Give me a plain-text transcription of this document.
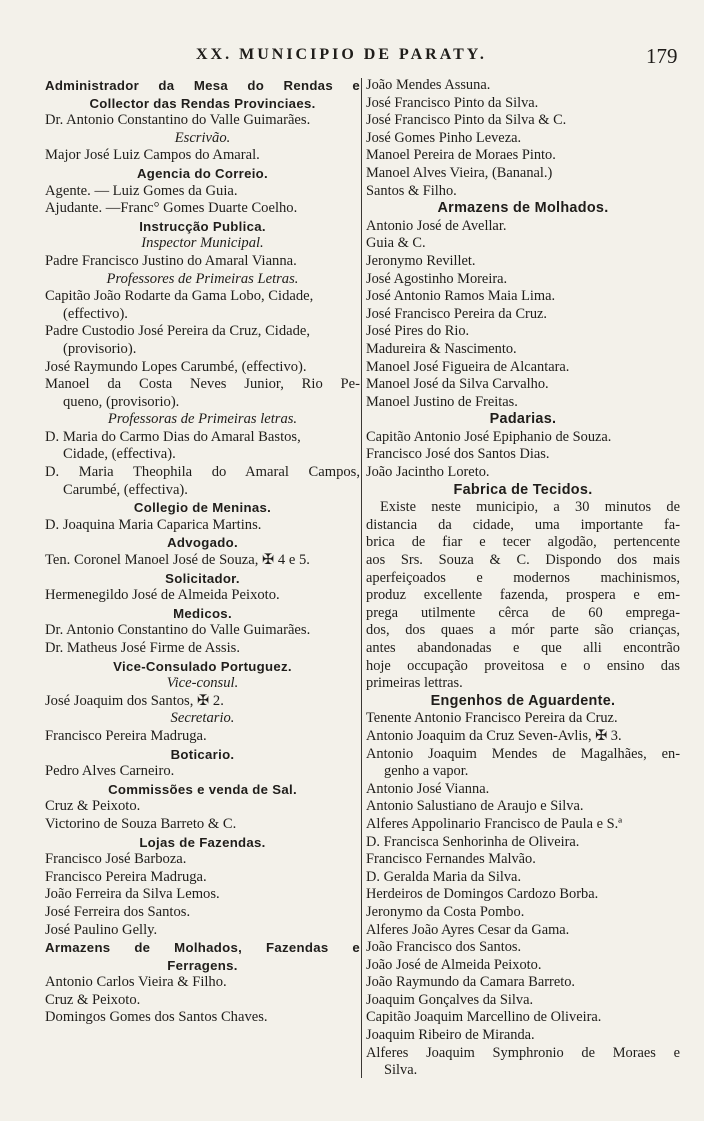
XX. MUNICIPIO DE PARATY.	179
Administrador da Mesa do Rendas e
Collector das Rendas Provinciaes.
Dr. Antonio Constantino do Valle Guimarães.
Escrivão.
Major José Luiz Campos do Amaral.
Agencia do Correio.
Agente. — Luiz Gomes da Guia.
Ajudante. —Franc° Gomes Duarte Coelho.
Instrucção Publica.
Inspector Municipal.
Padre Francisco Justino do Amaral Vianna.
Professores de Primeiras Letras.
Capitão João Rodarte da Gama Lobo, Cidade,
(effectivo).
Padre Custodio José Pereira da Cruz, Cidade,
(provisorio).
José Raymundo Lopes Carumbé, (effectivo).
Manoel da Costa Neves Junior, Rio Pe-
queno, (provisorio).
Professoras de Primeiras letras.
D. Maria do Carmo Dias do Amaral Bastos,
Cidade, (effectiva).
D. Maria Theophila do Amaral Campos,
Carumbé, (effectiva).
Collegio de Meninas.
D. Joaquina Maria Caparica Martins.
Advogado.
Ten. Coronel Manoel José de Souza, ✠ 4 e 5.
Solicitador.
Hermenegildo José de Almeida Peixoto.
Medicos.
Dr. Antonio Constantino do Valle Guimarães.
Dr. Matheus José Firme de Assis.
Vice-Consulado Portuguez.
Vice-consul.
José Joaquim dos Santos, ✠ 2.
Secretario.
Francisco Pereira Madruga.
Boticario.
Pedro Alves Carneiro.
Commissões e venda de Sal.
Cruz & Peixoto.
Victorino de Souza Barreto & C.
Lojas de Fazendas.
Francisco José Barboza.
Francisco Pereira Madruga.
João Ferreira da Silva Lemos.
José Ferreira dos Santos.
José Paulino Gelly.
Armazens de Molhados, Fazendas e
Ferragens.
Antonio Carlos Vieira & Filho.
Cruz & Peixoto.
Domingos Gomes dos Santos Chaves.
João Mendes Assuna.
José Francisco Pinto da Silva.
José Francisco Pinto da Silva & C.
José Gomes Pinho Leveza.
Manoel Pereira de Moraes Pinto.
Manoel Alves Vieira, (Bananal.)
Santos & Filho.
Armazens de Molhados.
Antonio José de Avellar.
Guia & C.
Jeronymo Revillet.
José Agostinho Moreira.
José Antonio Ramos Maia Lima.
José Francisco Pereira da Cruz.
José Pires do Rio.
Madureira & Nascimento.
Manoel José Figueira de Alcantara.
Manoel José da Silva Carvalho.
Manoel Justino de Freitas.
Padarias.
Capitão Antonio José Epiphanio de Souza.
Francisco José dos Santos Dias.
João Jacintho Loreto.
Fabrica de Tecidos.
Existe neste municipio, a 30 minutos de
distancia da cidade, uma importante fa-
brica de fiar e tecer algodão, pertencente
aos Srs. Souza & C. Dispondo dos mais
aperfeiçoados e modernos machinismos,
produz excellente fazenda, prospera e em-
prega utilmente cêrca de 60 emprega-
dos, dos quaes a mór parte são crianças,
antes abandonadas e que alli encontrão
hoje occupação proveitosa e o ensino das
primeiras lettras.
Engenhos de Aguardente.
Tenente Antonio Francisco Pereira da Cruz.
Antonio Joaquim da Cruz Seven-Avlis, ✠ 3.
Antonio Joaquim Mendes de Magalhães, en-
genho a vapor.
Antonio José Vianna.
Antonio Salustiano de Araujo e Silva.
Alferes Appolinario Francisco de Paula e S.ª
D. Francisca Senhorinha de Oliveira.
Francisco Fernandes Malvão.
D. Geralda Maria da Silva.
Herdeiros de Domingos Cardozo Borba.
Jeronymo da Costa Pombo.
Alferes João Ayres Cesar da Gama.
João Francisco dos Santos.
João José de Almeida Peixoto.
João Raymundo da Camara Barreto.
Joaquim Gonçalves da Silva.
Capitão Joaquim Marcellino de Oliveira.
Joaquim Ribeiro de Miranda.
Alferes Joaquim Symphronio de Moraes e
Silva.
